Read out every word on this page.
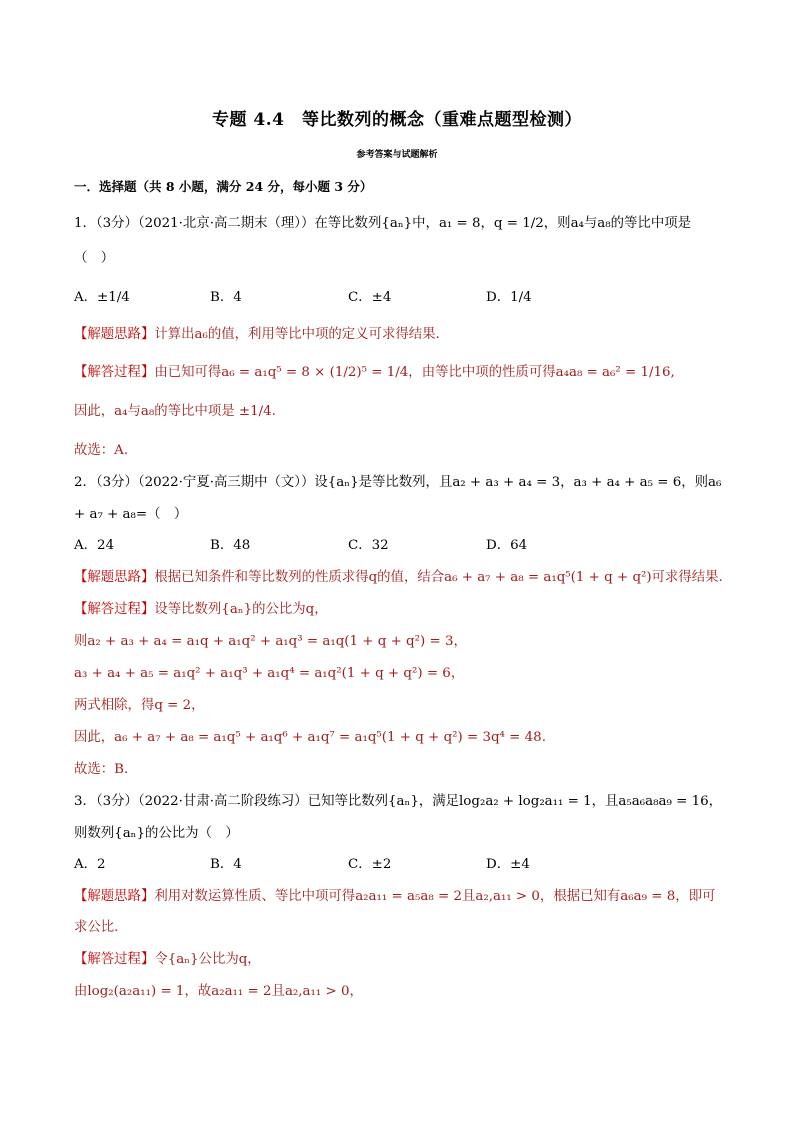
专题 4.4　等比数列的概念（重难点题型检测）
参考答案与试题解析
一．选择题（共 8 小题，满分 24 分，每小题 3 分）
1．（3分）（2021·北京·高二期末（理））在等比数列{aₙ}中，a₁ = 8，q = 1/2，则a₄与a₈的等比中项是
（　）
A．±1/4	B．4	C．±4	D．1/4
【解题思路】计算出a₆的值，利用等比中项的定义可求得结果.
【解答过程】由已知可得a₆ = a₁q⁵ = 8 × (1/2)⁵ = 1/4，由等比中项的性质可得a₄a₈ = a₆² = 1/16,
因此，a₄与a₈的等比中项是 ±1/4.
故选：A.
2．（3分）（2022·宁夏·高三期中（文））设{aₙ}是等比数列，且a₂ + a₃ + a₄ = 3，a₃ + a₄ + a₅ = 6，则a₆
+ a₇ + a₈=（　）
A．24	B．48	C．32	D．64
【解题思路】根据已知条件和等比数列的性质求得q的值，结合a₆ + a₇ + a₈ = a₁q⁵(1 + q + q²)可求得结果.
【解答过程】设等比数列{aₙ}的公比为q，
则a₂ + a₃ + a₄ = a₁q + a₁q² + a₁q³ = a₁q(1 + q + q²) = 3，
a₃ + a₄ + a₅ = a₁q² + a₁q³ + a₁q⁴ = a₁q²(1 + q + q²) = 6，
两式相除，得q = 2，
因此，a₆ + a₇ + a₈ = a₁q⁵ + a₁q⁶ + a₁q⁷ = a₁q⁵(1 + q + q²) = 3q⁴ = 48.
故选：B.
3．（3分）（2022·甘肃·高二阶段练习）已知等比数列{aₙ}，满足log₂a₂ + log₂a₁₁ = 1，且a₅a₆a₈a₉ = 16，
则数列{aₙ}的公比为（　）
A．2	B．4	C．±2	D．±4
【解题思路】利用对数运算性质、等比中项可得a₂a₁₁ = a₅a₈ = 2且a₂,a₁₁ > 0，根据已知有a₆a₉ = 8，即可
求公比.
【解答过程】令{aₙ}公比为q，
由log₂(a₂a₁₁) = 1，故a₂a₁₁ = 2且a₂,a₁₁ > 0，
